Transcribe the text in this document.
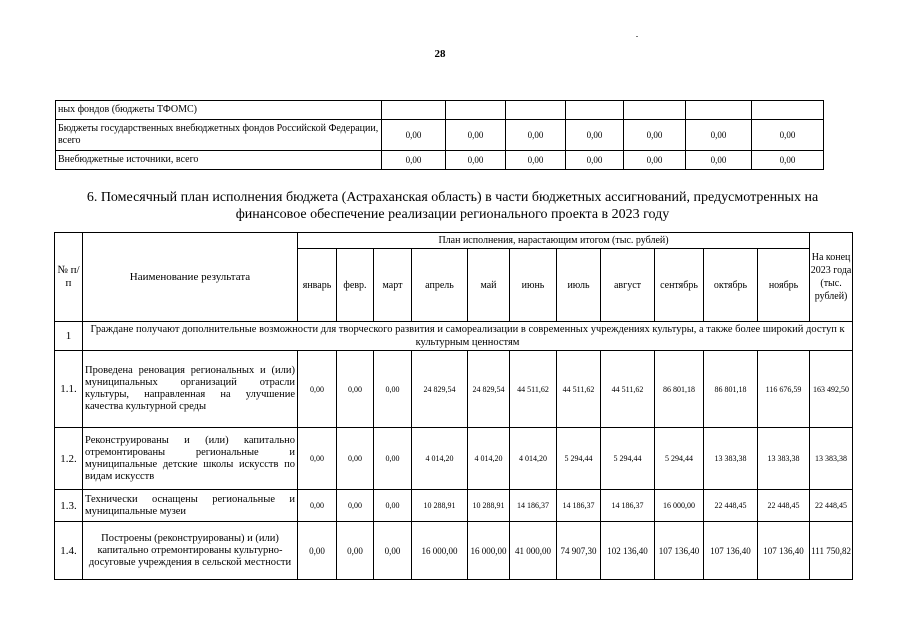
28
ных фондов (бюджеты ТФОМС)							
Бюджеты государственных внебюджетных фондов Российской Федерации, всего	0,00	0,00	0,00	0,00	0,00	0,00	0,00
Внебюджетные источники, всего	0,00	0,00	0,00	0,00	0,00	0,00	0,00
6. Помесячный план исполнения бюджета (Астраханская область) в части бюджетных ассигнований, предусмотренных на
финансовое обеспечение реализации регионального проекта в 2023 году
№ п/п	Наименование результата	План исполнения, нарастающим итогом (тыс. рублей)											На конец 2023 года (тыс. рублей)
		январь	февр.	март	апрель	май	июнь	июль	август	сентябрь	октябрь	ноябрь	
1	Граждане получают дополнительные возможности для творческого развития и самореализации в современных учреждениях культуры, а также более широкий доступ к культурным ценностям												
1.1.	Проведена реновация региональных и (или) муниципальных организаций отрасли культуры, направленная на улучшение качества культурной среды	0,00	0,00	0,00	24 829,54	24 829,54	44 511,62	44 511,62	44 511,62	86 801,18	86 801,18	116 676,59	163 492,50
1.2.	Реконструированы и (или) капитально отремонтированы региональные и муниципальные детские школы искусств по видам искусств	0,00	0,00	0,00	4 014,20	4 014,20	4 014,20	5 294,44	5 294,44	5 294,44	13 383,38	13 383,38	13 383,38
1.3.	Технически оснащены региональные и муниципальные музеи	0,00	0,00	0,00	10 288,91	10 288,91	14 186,37	14 186,37	14 186,37	16 000,00	22 448,45	22 448,45	22 448,45
1.4.	Построены (реконструированы) и (или) капитально отремонтированы культурно-досуговые учреждения в сельской местности	0,00	0,00	0,00	16 000,00	16 000,00	41 000,00	74 907,30	102 136,40	107 136,40	107 136,40	107 136,40	111 750,82
